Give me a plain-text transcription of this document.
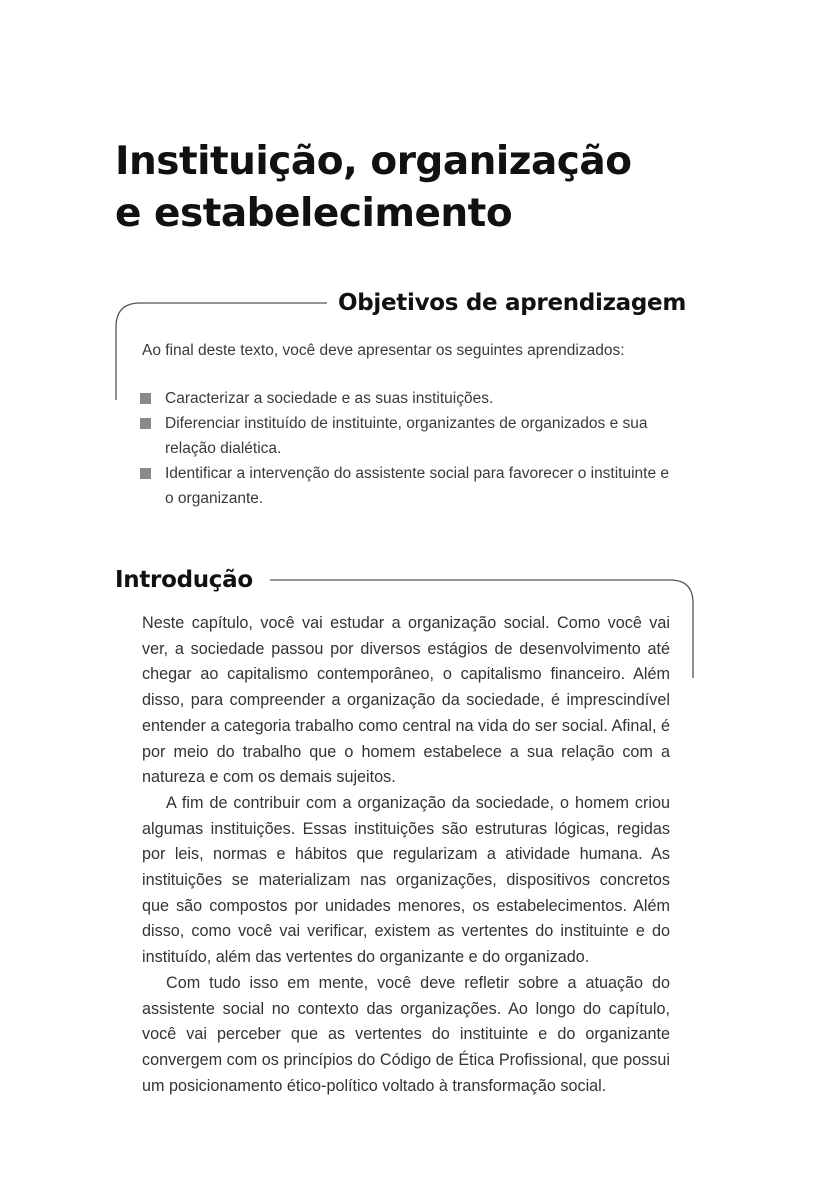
Instituição, organização
e estabelecimento
Objetivos de aprendizagem

Ao final deste texto, você deve apresentar os seguintes aprendizados:

Caracterizar a sociedade e as suas instituições.
Diferenciar instituído de instituinte, organizantes de organizados e sua relação dialética.
Identificar a intervenção do assistente social para favorecer o instituinte e o organizante.
Introdução

Neste capítulo, você vai estudar a organização social. Como você vai ver, a sociedade passou por diversos estágios de desenvolvimento até chegar ao capitalismo contemporâneo, o capitalismo financeiro. Além disso, para compreender a organização da sociedade, é imprescindível entender a categoria trabalho como central na vida do ser social. Afinal, é por meio do trabalho que o homem estabelece a sua relação com a natureza e com os demais sujeitos.

A fim de contribuir com a organização da sociedade, o homem criou algumas instituições. Essas instituições são estruturas lógicas, regidas por leis, normas e hábitos que regularizam a atividade humana. As instituições se materializam nas organizações, dispositivos concretos que são compostos por unidades menores, os estabelecimentos. Além disso, como você vai verificar, existem as vertentes do instituinte e do instituído, além das vertentes do organizante e do organizado.

Com tudo isso em mente, você deve refletir sobre a atuação do assistente social no contexto das organizações. Ao longo do capítulo, você vai perceber que as vertentes do instituinte e do organizante convergem com os princípios do Código de Ética Profissional, que possui um posicionamento ético-político voltado à transformação social.
